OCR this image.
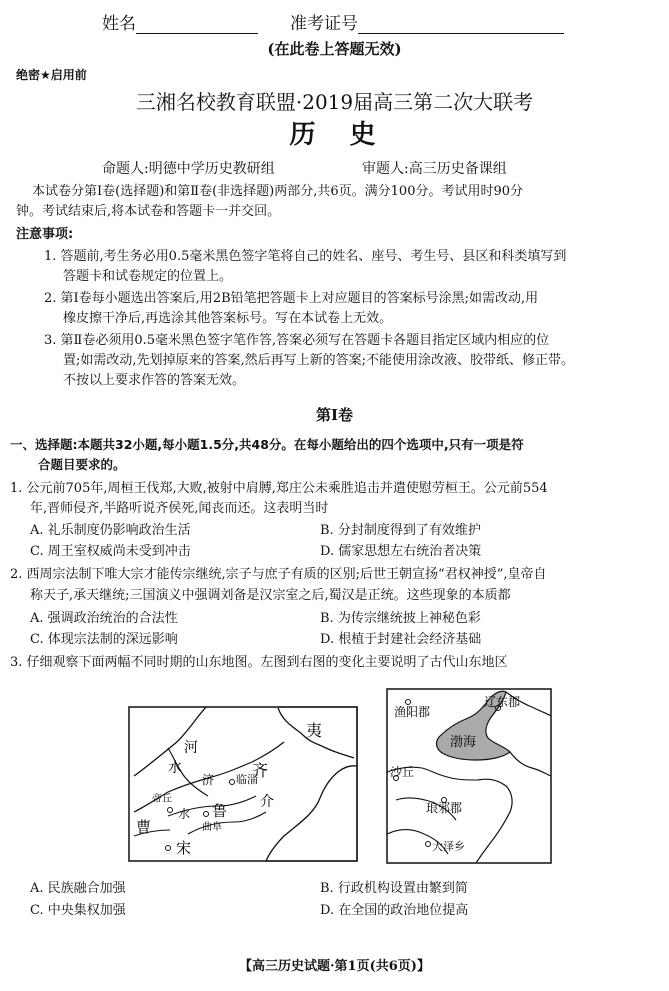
姓名	准考证号
(在此卷上答题无效)
绝密★启用前
三湘名校教育联盟·2019届高三第二次大联考
历　史
命题人:明德中学历史教研组	审题人:高三历史备课组
本试卷分第Ⅰ卷(选择题)和第Ⅱ卷(非选择题)两部分,共6页。满分100分。考试用时90分
钟。考试结束后,将本试卷和答题卡一并交回。
注意事项:
1. 答题前,考生务必用0.5毫米黑色签字笔将自己的姓名、座号、考生号、县区和科类填写到
答题卡和试卷规定的位置上。
2. 第Ⅰ卷每小题选出答案后,用2B铅笔把答题卡上对应题目的答案标号涂黑;如需改动,用
橡皮擦干净后,再选涂其他答案标号。写在本试卷上无效。
3. 第Ⅱ卷必须用0.5毫米黑色签字笔作答,答案必须写在答题卡各题目指定区域内相应的位
置;如需改动,先划掉原来的答案,然后再写上新的答案;不能使用涂改液、胶带纸、修正带。
不按以上要求作答的答案无效。
第Ⅰ卷
一、选择题:本题共32小题,每小题1.5分,共48分。在每小题给出的四个选项中,只有一项是符
合题目要求的。
1. 公元前705年,周桓王伐郑,大败,被射中肩膊,郑庄公未乘胜追击并遣使慰劳桓王。公元前554
年,晋师侵齐,半路听说齐侯死,闻丧而还。这表明当时
A. 礼乐制度仍影响政治生活	B. 分封制度得到了有效维护
C. 周王室权威尚未受到冲击	D. 儒家思想左右统治者决策
2. 西周宗法制下唯大宗才能传宗继统,宗子与庶子有质的区别;后世王朝宣扬“君权神授”,皇帝自
称天子,承天继统;三国演义中强调刘备是汉宗室之后,蜀汉是正统。这些现象的本质都
A. 强调政治统治的合法性	B. 为传宗继统披上神秘色彩
C. 体现宗法制的深远影响	D. 根植于封建社会经济基础
3. 仔细观察下面两幅不同时期的山东地图。左图到右图的变化主要说明了古代山东地区
河
夷
水
济 临淄
齐
帝丘	介
水 鲁
曲阜
曹
宋
渔阳郡
辽东郡
渤海
沙丘
琅邪郡
大泽乡
A. 民族融合加强	B. 行政机构设置由繁到简
C. 中央集权加强	D. 在全国的政治地位提高
【高三历史试题·第1页(共6页)】
